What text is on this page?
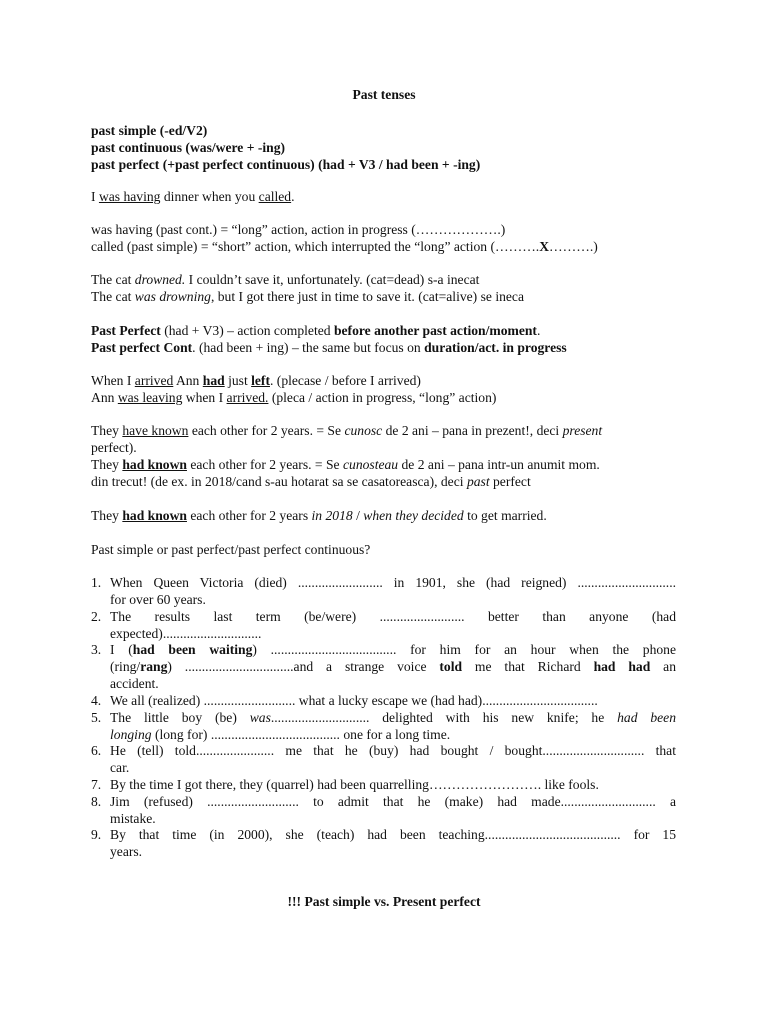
Past tenses
past simple (-ed/V2)
past continuous (was/were + -ing)
past perfect (+past perfect continuous) (had + V3 / had been + -ing)
I was having dinner when you called.
was having (past cont.) = “long” action, action in progress (……………….)
called (past simple) = “short” action, which interrupted the “long” action (……….X……….)
The cat drowned. I couldn’t save it, unfortunately. (cat=dead) s-a inecat
The cat was drowning, but I got there just in time to save it. (cat=alive) se ineca
Past Perfect (had + V3) – action completed before another past action/moment.
Past perfect Cont. (had been + ing) – the same but focus on duration/act. in progress
When I arrived Ann had just left. (plecase / before I arrived)
Ann was leaving when I arrived. (pleca / action in progress, “long” action)
They have known each other for 2 years. = Se cunosc de 2 ani – pana in prezent!, deci present
perfect).
They had known each other for 2 years. = Se cunosteau de 2 ani – pana intr-un anumit mom.
din trecut! (de ex. in 2018/cand s-au hotarat sa se casatoreasca), deci past perfect
They had known each other for 2 years in 2018 / when they decided to get married.
Past simple or past perfect/past perfect continuous?
1. When Queen Victoria (died) ......................... in 1901, she (had reigned) .............................
for over 60 years.
2. The results last term (be/were) ......................... better than anyone (had
expected).............................
3. I (had been waiting) ..................................... for him for an hour when the phone
(ring/rang) ................................and a strange voice told me that Richard had had an
accident.
4. We all (realized) ........................... what a lucky escape we (had had)..................................
5. The little boy (be) was............................. delighted with his new knife; he had been
longing (long for) ...................................... one for a long time.
6. He (tell) told....................... me that he (buy) had bought / bought.............................. that
car.
7. By the time I got there, they (quarrel) had been quarrelling……………………. like fools.
8. Jim (refused) ........................... to admit that he (make) had made............................ a
mistake.
9. By that time (in 2000), she (teach) had been teaching........................................ for 15
years.
!!! Past simple vs. Present perfect
